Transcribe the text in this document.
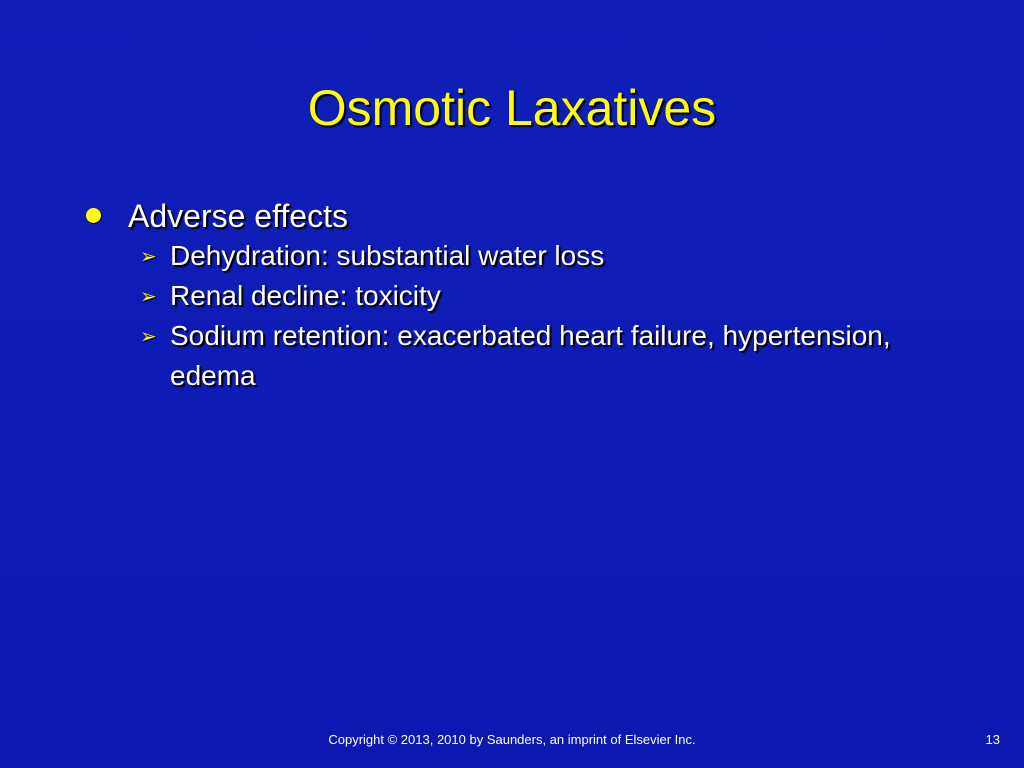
Osmotic Laxatives
Adverse effects
➢ Dehydration: substantial water loss
➢ Renal decline: toxicity
➢ Sodium retention: exacerbated heart failure, hypertension, edema
Copyright © 2013, 2010 by Saunders, an imprint of Elsevier Inc.	13
